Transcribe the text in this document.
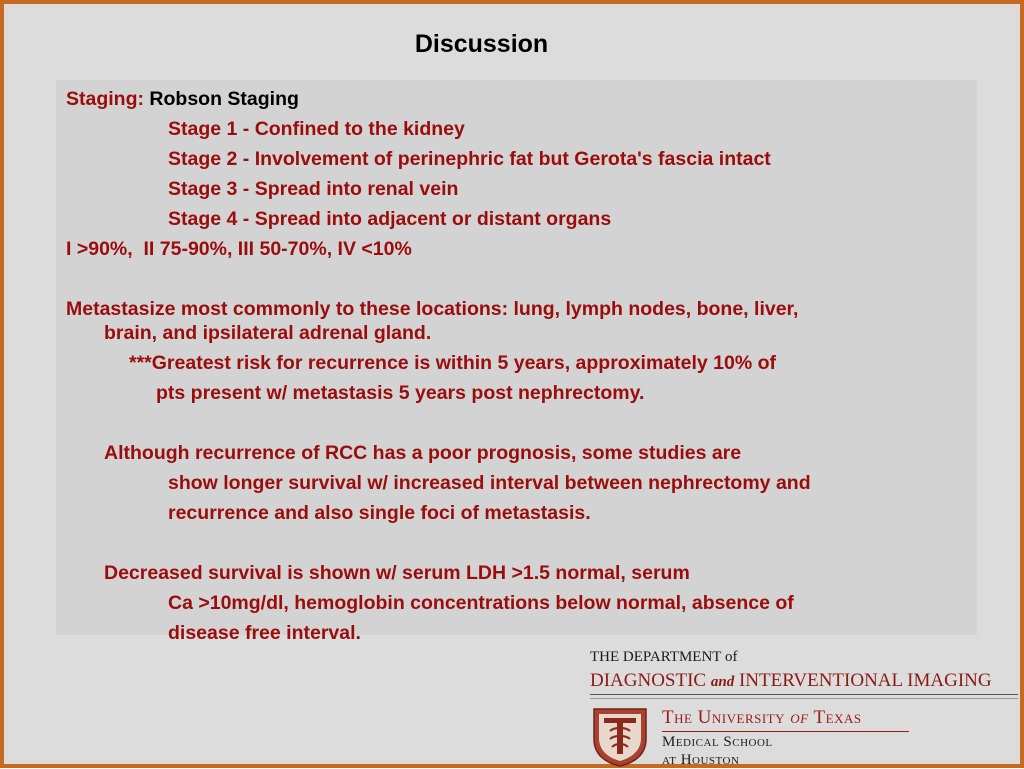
Discussion
Staging: Robson Staging
Stage 1 - Confined to the kidney
Stage 2 - Involvement of perinephric fat but Gerota's fascia intact
Stage 3 - Spread into renal vein
Stage 4 - Spread into adjacent or distant organs
I >90%,  II 75-90%, III 50-70%, IV <10%
Metastasize most commonly to these locations: lung, lymph nodes, bone, liver,
brain, and ipsilateral adrenal gland.
***Greatest risk for recurrence is within 5 years, approximately 10% of
pts present w/ metastasis 5 years post nephrectomy.
Although recurrence of RCC has a poor prognosis, some studies are
show longer survival w/ increased interval between nephrectomy and
recurrence and also single foci of metastasis.
Decreased survival is shown w/ serum LDH >1.5 normal, serum
Ca >10mg/dl, hemoglobin concentrations below normal, absence of
disease free interval.
THE DEPARTMENT of
DIAGNOSTIC and INTERVENTIONAL IMAGING
The University of Texas
Medical School
at Houston
